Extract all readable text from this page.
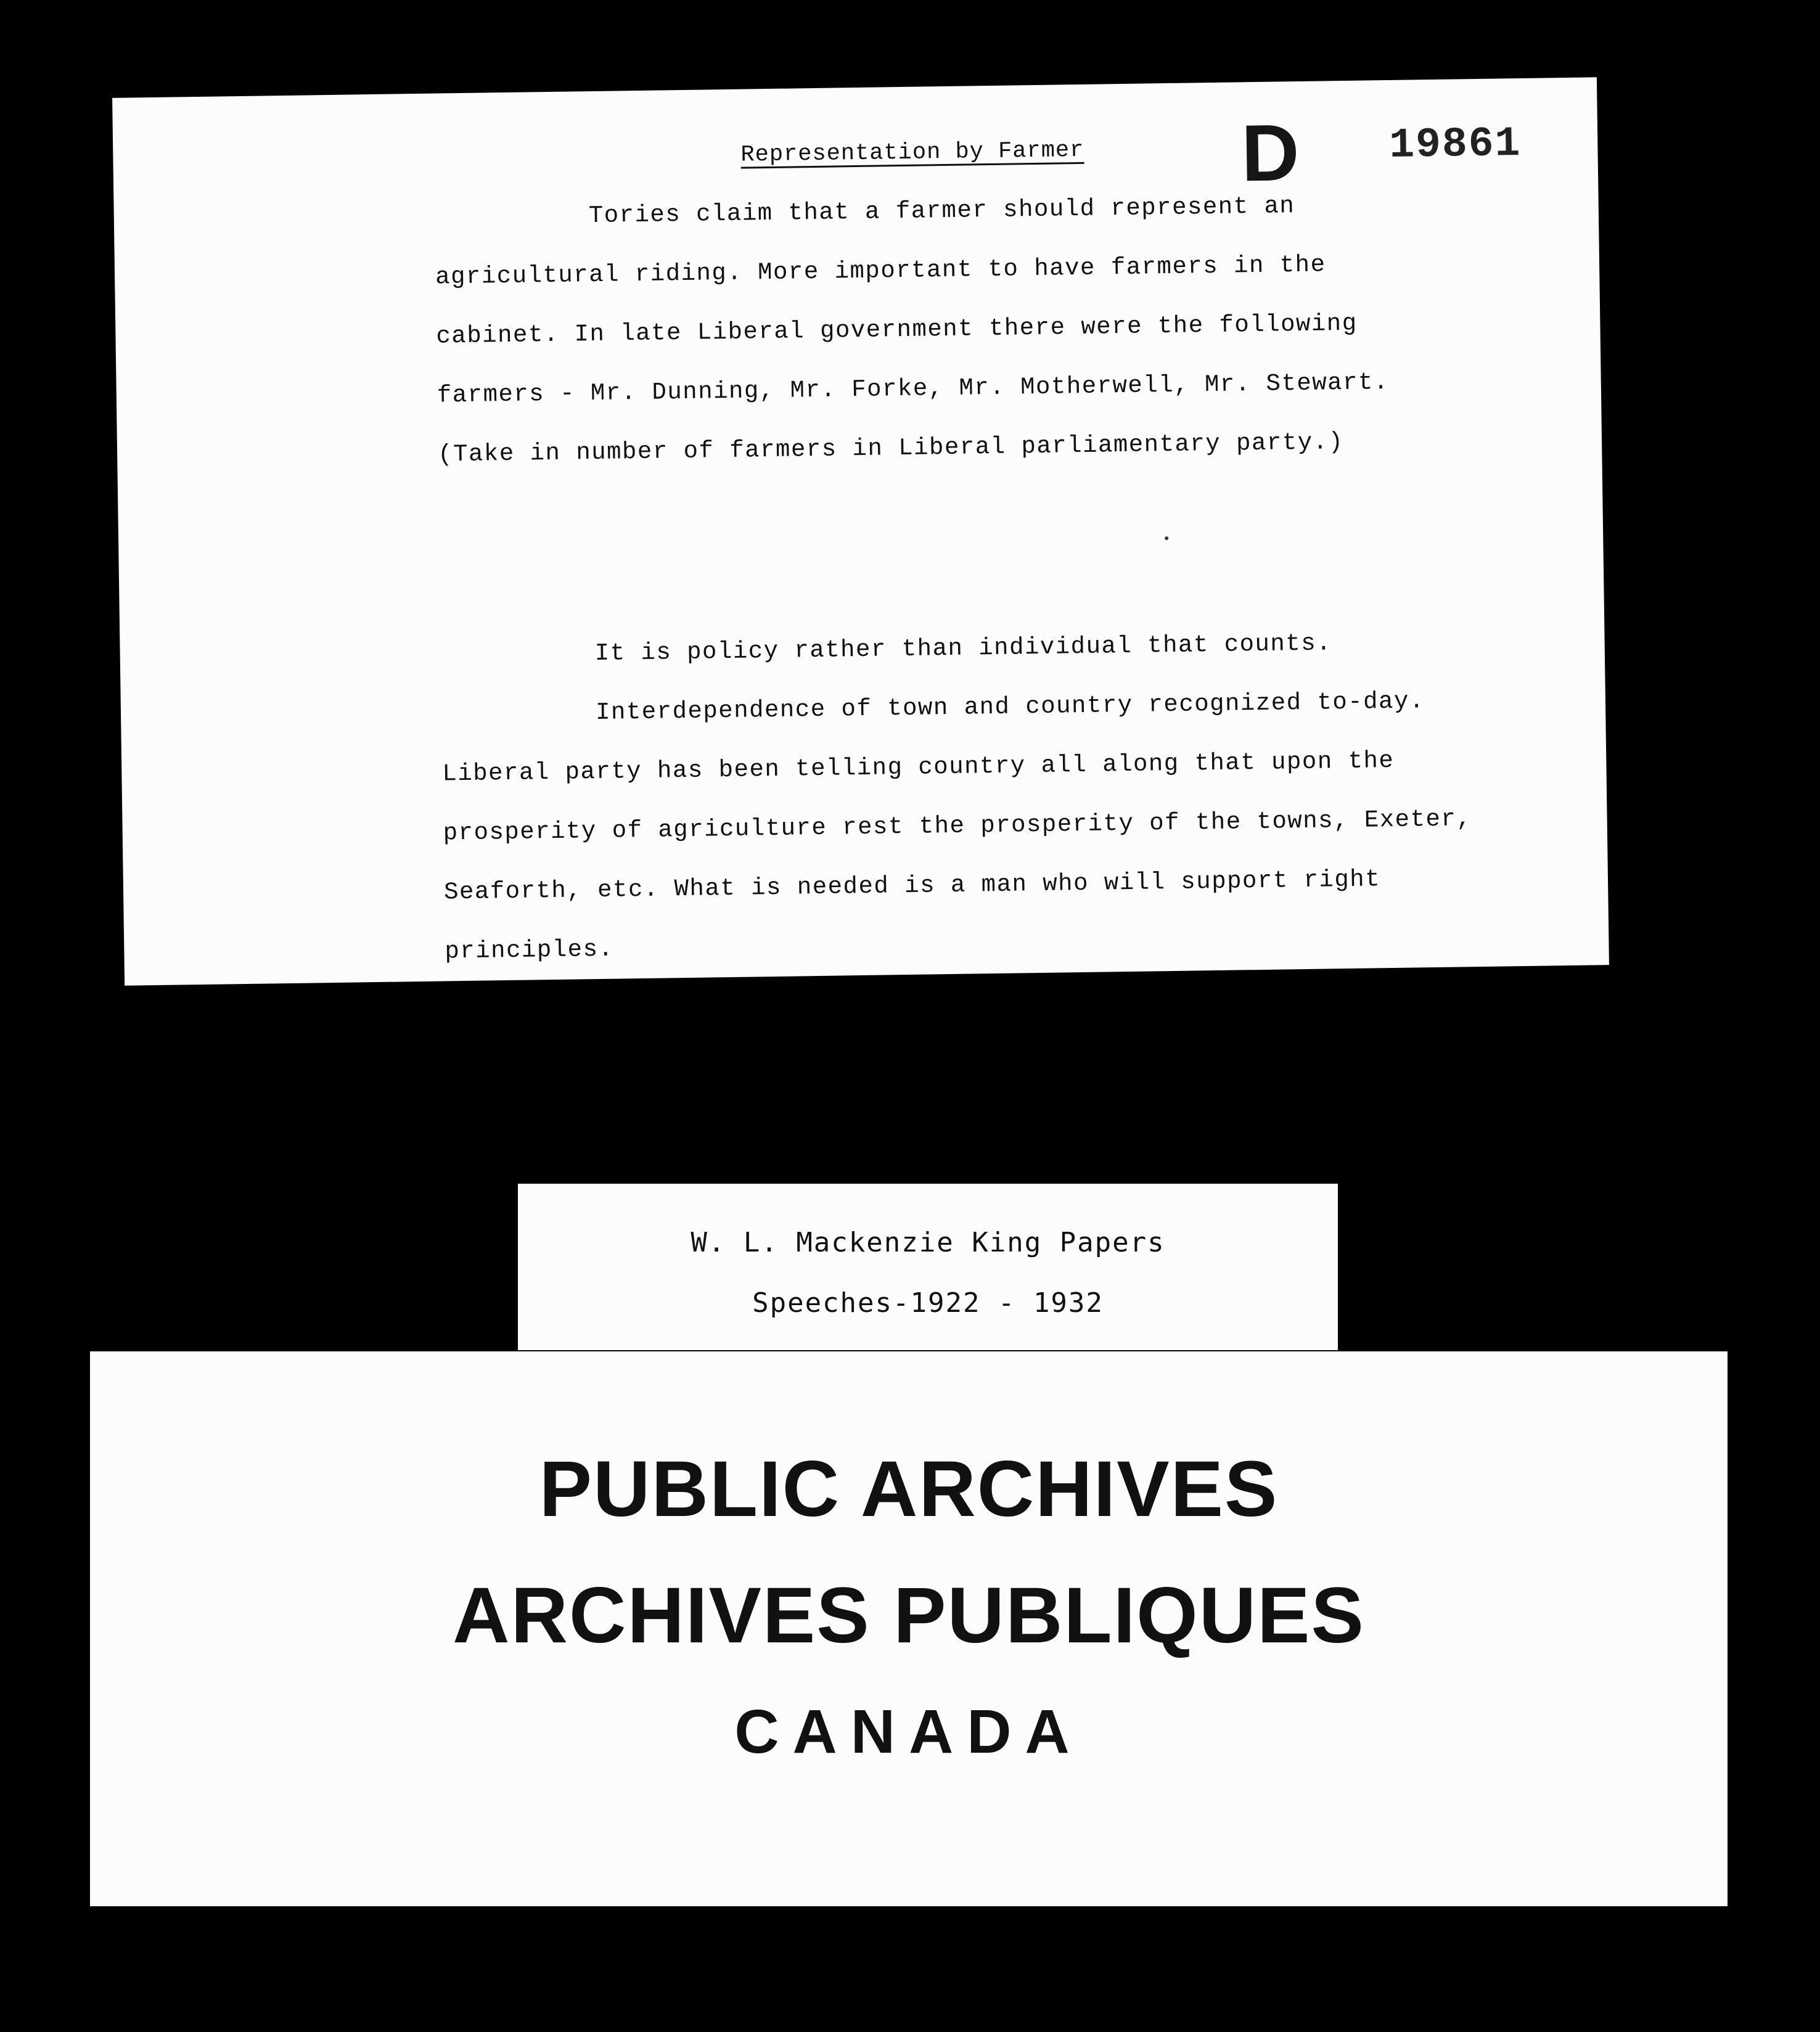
Representation by Farmer D 19861
Tories claim that a farmer should represent an
agricultural riding. More important to have farmers in the
cabinet. In late Liberal government there were the following
farmers - Mr. Dunning, Mr. Forke, Mr. Motherwell, Mr. Stewart.
(Take in number of farmers in Liberal parliamentary party.)
It is policy rather than individual that counts.
Interdependence of town and country recognized to-day.
Liberal party has been telling country all along that upon the
prosperity of agriculture rest the prosperity of the towns, Exeter,
Seaforth, etc. What is needed is a man who will support right
principles.
W. L. Mackenzie King Papers
Speeches-1922 - 1932
PUBLIC ARCHIVES
ARCHIVES PUBLIQUES
CANADA
